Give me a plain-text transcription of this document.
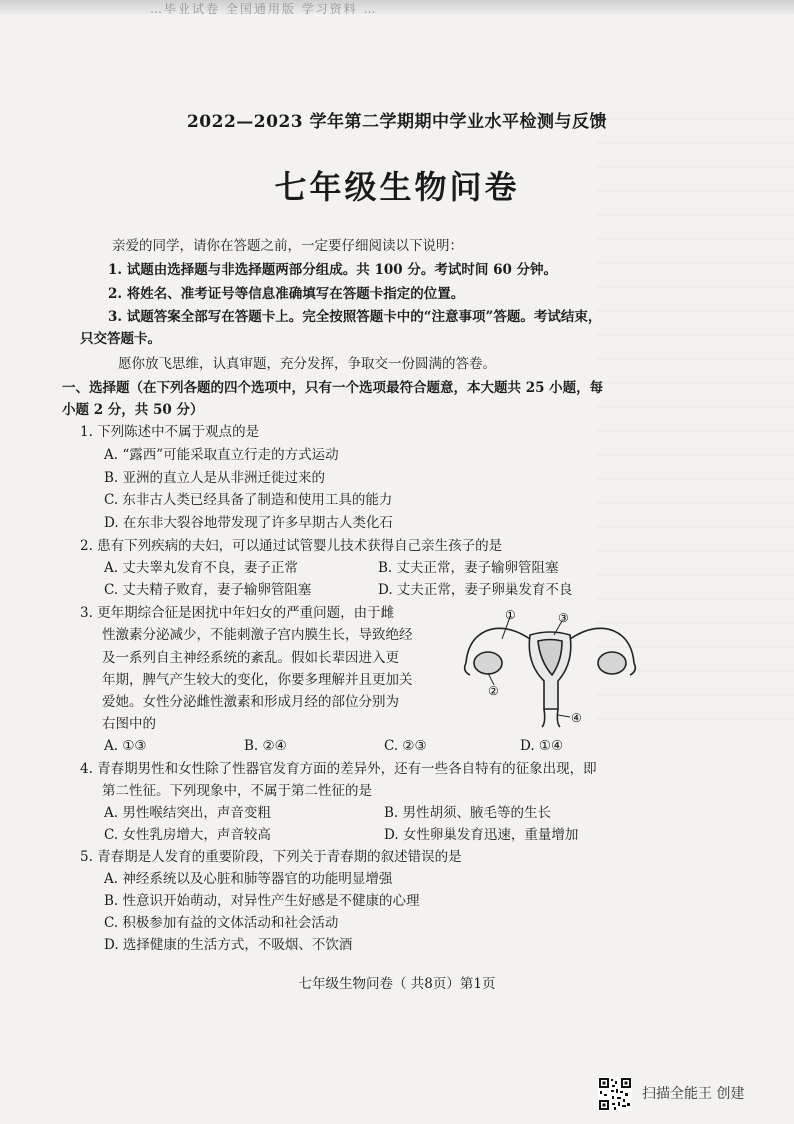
…毕业试卷 全国通用版 学习资料 …
2022—2023 学年第二学期期中学业水平检测与反馈
七年级生物问卷
亲爱的同学，请你在答题之前，一定要仔细阅读以下说明：
1. 试题由选择题与非选择题两部分组成。共 100 分。考试时间 60 分钟。
2. 将姓名、准考证号等信息准确填写在答题卡指定的位置。
3. 试题答案全部写在答题卡上。完全按照答题卡中的“注意事项”答题。考试结束，
只交答题卡。
愿你放飞思维，认真审题，充分发挥，争取交一份圆满的答卷。
一、选择题（在下列各题的四个选项中，只有一个选项最符合题意，本大题共 25 小题，每
小题 2 分，共 50 分）
1. 下列陈述中不属于观点的是
A. “露西”可能采取直立行走的方式运动
B. 亚洲的直立人是从非洲迁徙过来的
C. 东非古人类已经具备了制造和使用工具的能力
D. 在东非大裂谷地带发现了许多早期古人类化石
2. 患有下列疾病的夫妇，可以通过试管婴儿技术获得自己亲生孩子的是
A. 丈夫睾丸发育不良，妻子正常	B. 丈夫正常，妻子输卵管阻塞
C. 丈夫精子败育，妻子输卵管阻塞	D. 丈夫正常，妻子卵巢发育不良
3. 更年期综合征是困扰中年妇女的严重问题，由于雌
性激素分泌减少，不能刺激子宫内膜生长，导致绝经
及一系列自主神经系统的紊乱。假如长辈因进入更
年期，脾气产生较大的变化，你要多理解并且更加关
爱她。女性分泌雌性激素和形成月经的部位分别为
右图中的
A. ①③	B. ②④	C. ②③	D. ①④
①
②
③
④
4. 青春期男性和女性除了性器官发育方面的差异外，还有一些各自特有的征象出现，即
第二性征。下列现象中，不属于第二性征的是
A. 男性喉结突出，声音变粗	B. 男性胡须、腋毛等的生长
C. 女性乳房增大，声音较高	D. 女性卵巢发育迅速，重量增加
5. 青春期是人发育的重要阶段，下列关于青春期的叙述错误的是
A. 神经系统以及心脏和肺等器官的功能明显增强
B. 性意识开始萌动，对异性产生好感是不健康的心理
C. 积极参加有益的文体活动和社会活动
D. 选择健康的生活方式，不吸烟、不饮酒
七年级生物问卷（ 共8页）第1页
扫描全能王 创建
